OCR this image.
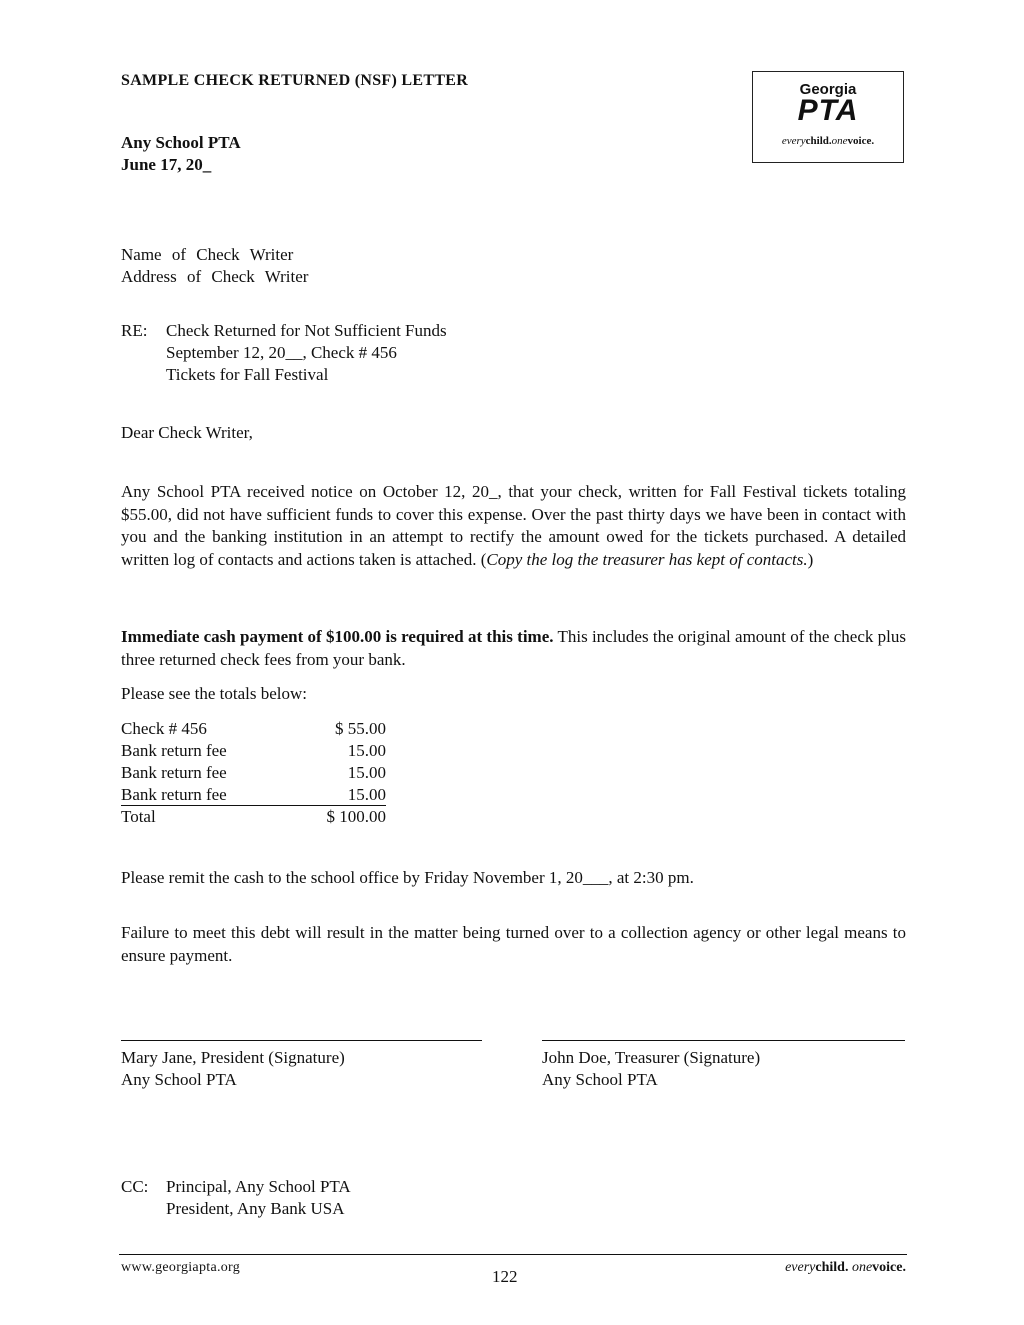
SAMPLE CHECK RETURNED (NSF) LETTER
Any School PTA
June 17, 20_
Georgia
PTA
everychild.onevoice.
Name of Check Writer
Address of Check Writer
RE: Check Returned for Not Sufficient Funds
September 12, 20__, Check # 456
Tickets for Fall Festival
Dear Check Writer,
Any School PTA received notice on October 12, 20_, that your check, written for Fall Festival tickets totaling $55.00, did not have sufficient funds to cover this expense. Over the past thirty days we have been in contact with you and the banking institution in an attempt to rectify the amount owed for the tickets purchased. A detailed written log of contacts and actions taken is attached. (Copy the log the treasurer has kept of contacts.)
Immediate cash payment of $100.00 is required at this time. This includes the original amount of the check plus three returned check fees from your bank.
Please see the totals below:
Check # 456	$ 55.00
Bank return fee	15.00
Bank return fee	15.00
Bank return fee	15.00
Total	$ 100.00
Please remit the cash to the school office by Friday November 1, 20___, at 2:30 pm.
Failure to meet this debt will result in the matter being turned over to a collection agency or other legal means to ensure payment.
Mary Jane, President (Signature)
Any School PTA
John Doe, Treasurer (Signature)
Any School PTA
CC: Principal, Any School PTA
President, Any Bank USA
www.georgiapta.org	122	everychild. onevoice.
